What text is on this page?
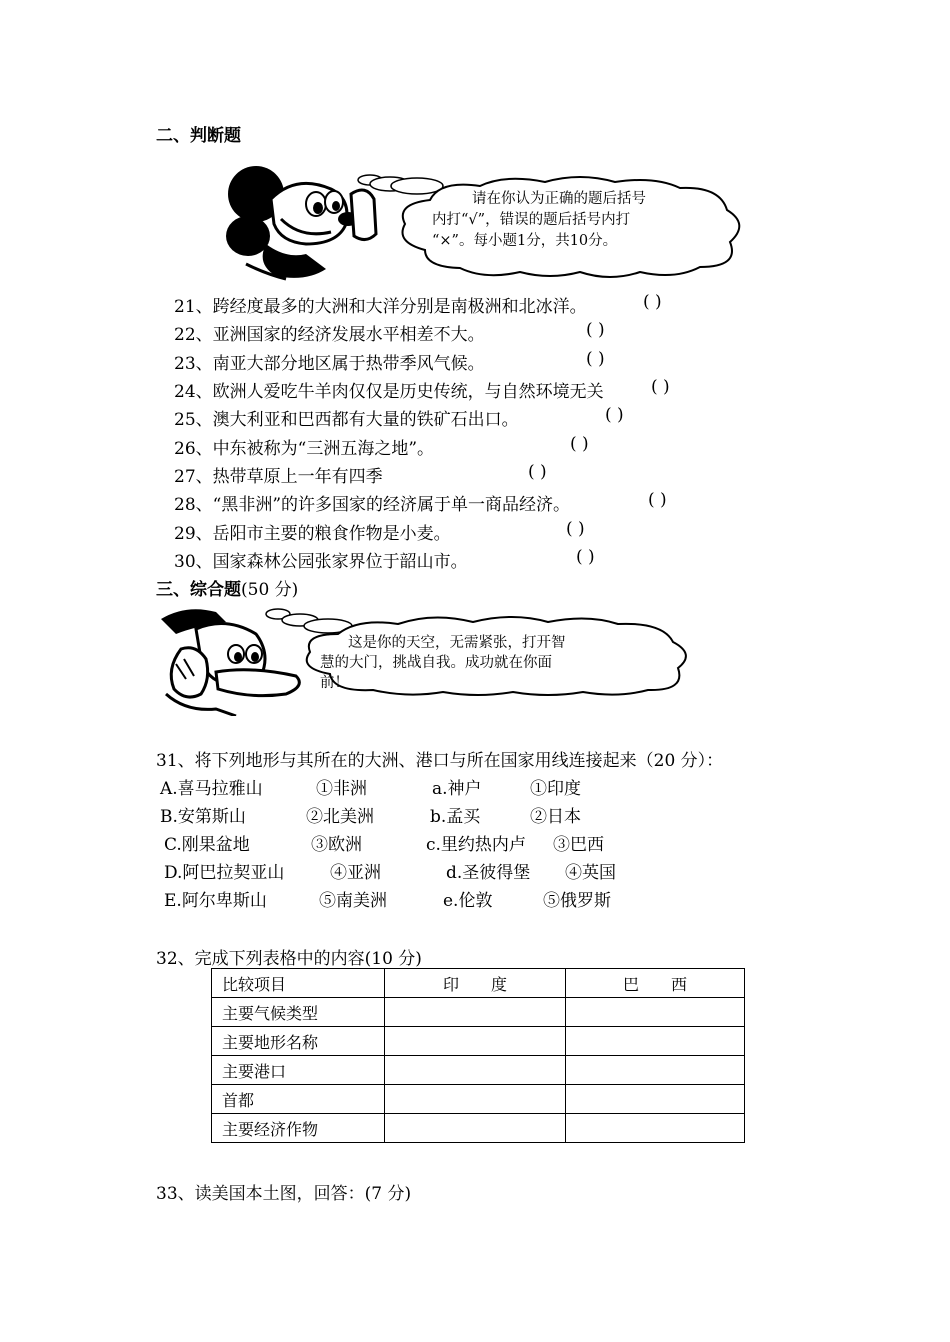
二、判断题
请在你认为正确的题后括号
内打“√”，错误的题后括号内打
“×”。每小题1分，共10分。
21、跨经度最多的大洲和大洋分别是南极洲和北冰洋。	( )
22、亚洲国家的经济发展水平相差不大。	( )
23、南亚大部分地区属于热带季风气候。	( )
24、欧洲人爱吃牛羊肉仅仅是历史传统，与自然环境无关	( )
25、澳大利亚和巴西都有大量的铁矿石出口。	( )
26、中东被称为“三洲五海之地”。	( )
27、热带草原上一年有四季	( )
28、“黑非洲”的许多国家的经济属于单一商品经济。	( )
29、岳阳市主要的粮食作物是小麦。	( )
30、国家森林公园张家界位于韶山市。	( )
三、综合题(50 分)
这是你的天空，无需紧张，打开智
慧的大门，挑战自我。成功就在你面
前！
31、将下列地形与其所在的大洲、港口与所在国家用线连接起来（20 分）：
A.喜马拉雅山	①非洲	a.神户	①印度
B.安第斯山	②北美洲	b.孟买	②日本
C.刚果盆地	③欧洲	c.里约热内卢 ③巴西
D.阿巴拉契亚山	④亚洲	d.圣彼得堡 ④英国
E.阿尔卑斯山	⑤南美洲	e.伦敦	⑤俄罗斯
32、完成下列表格中的内容(10 分)
比较项目	印　　度	巴　　西
主要气候类型		
主要地形名称		
主要港口		
首都		
主要经济作物		
33、读美国本土图，回答：(7 分)
